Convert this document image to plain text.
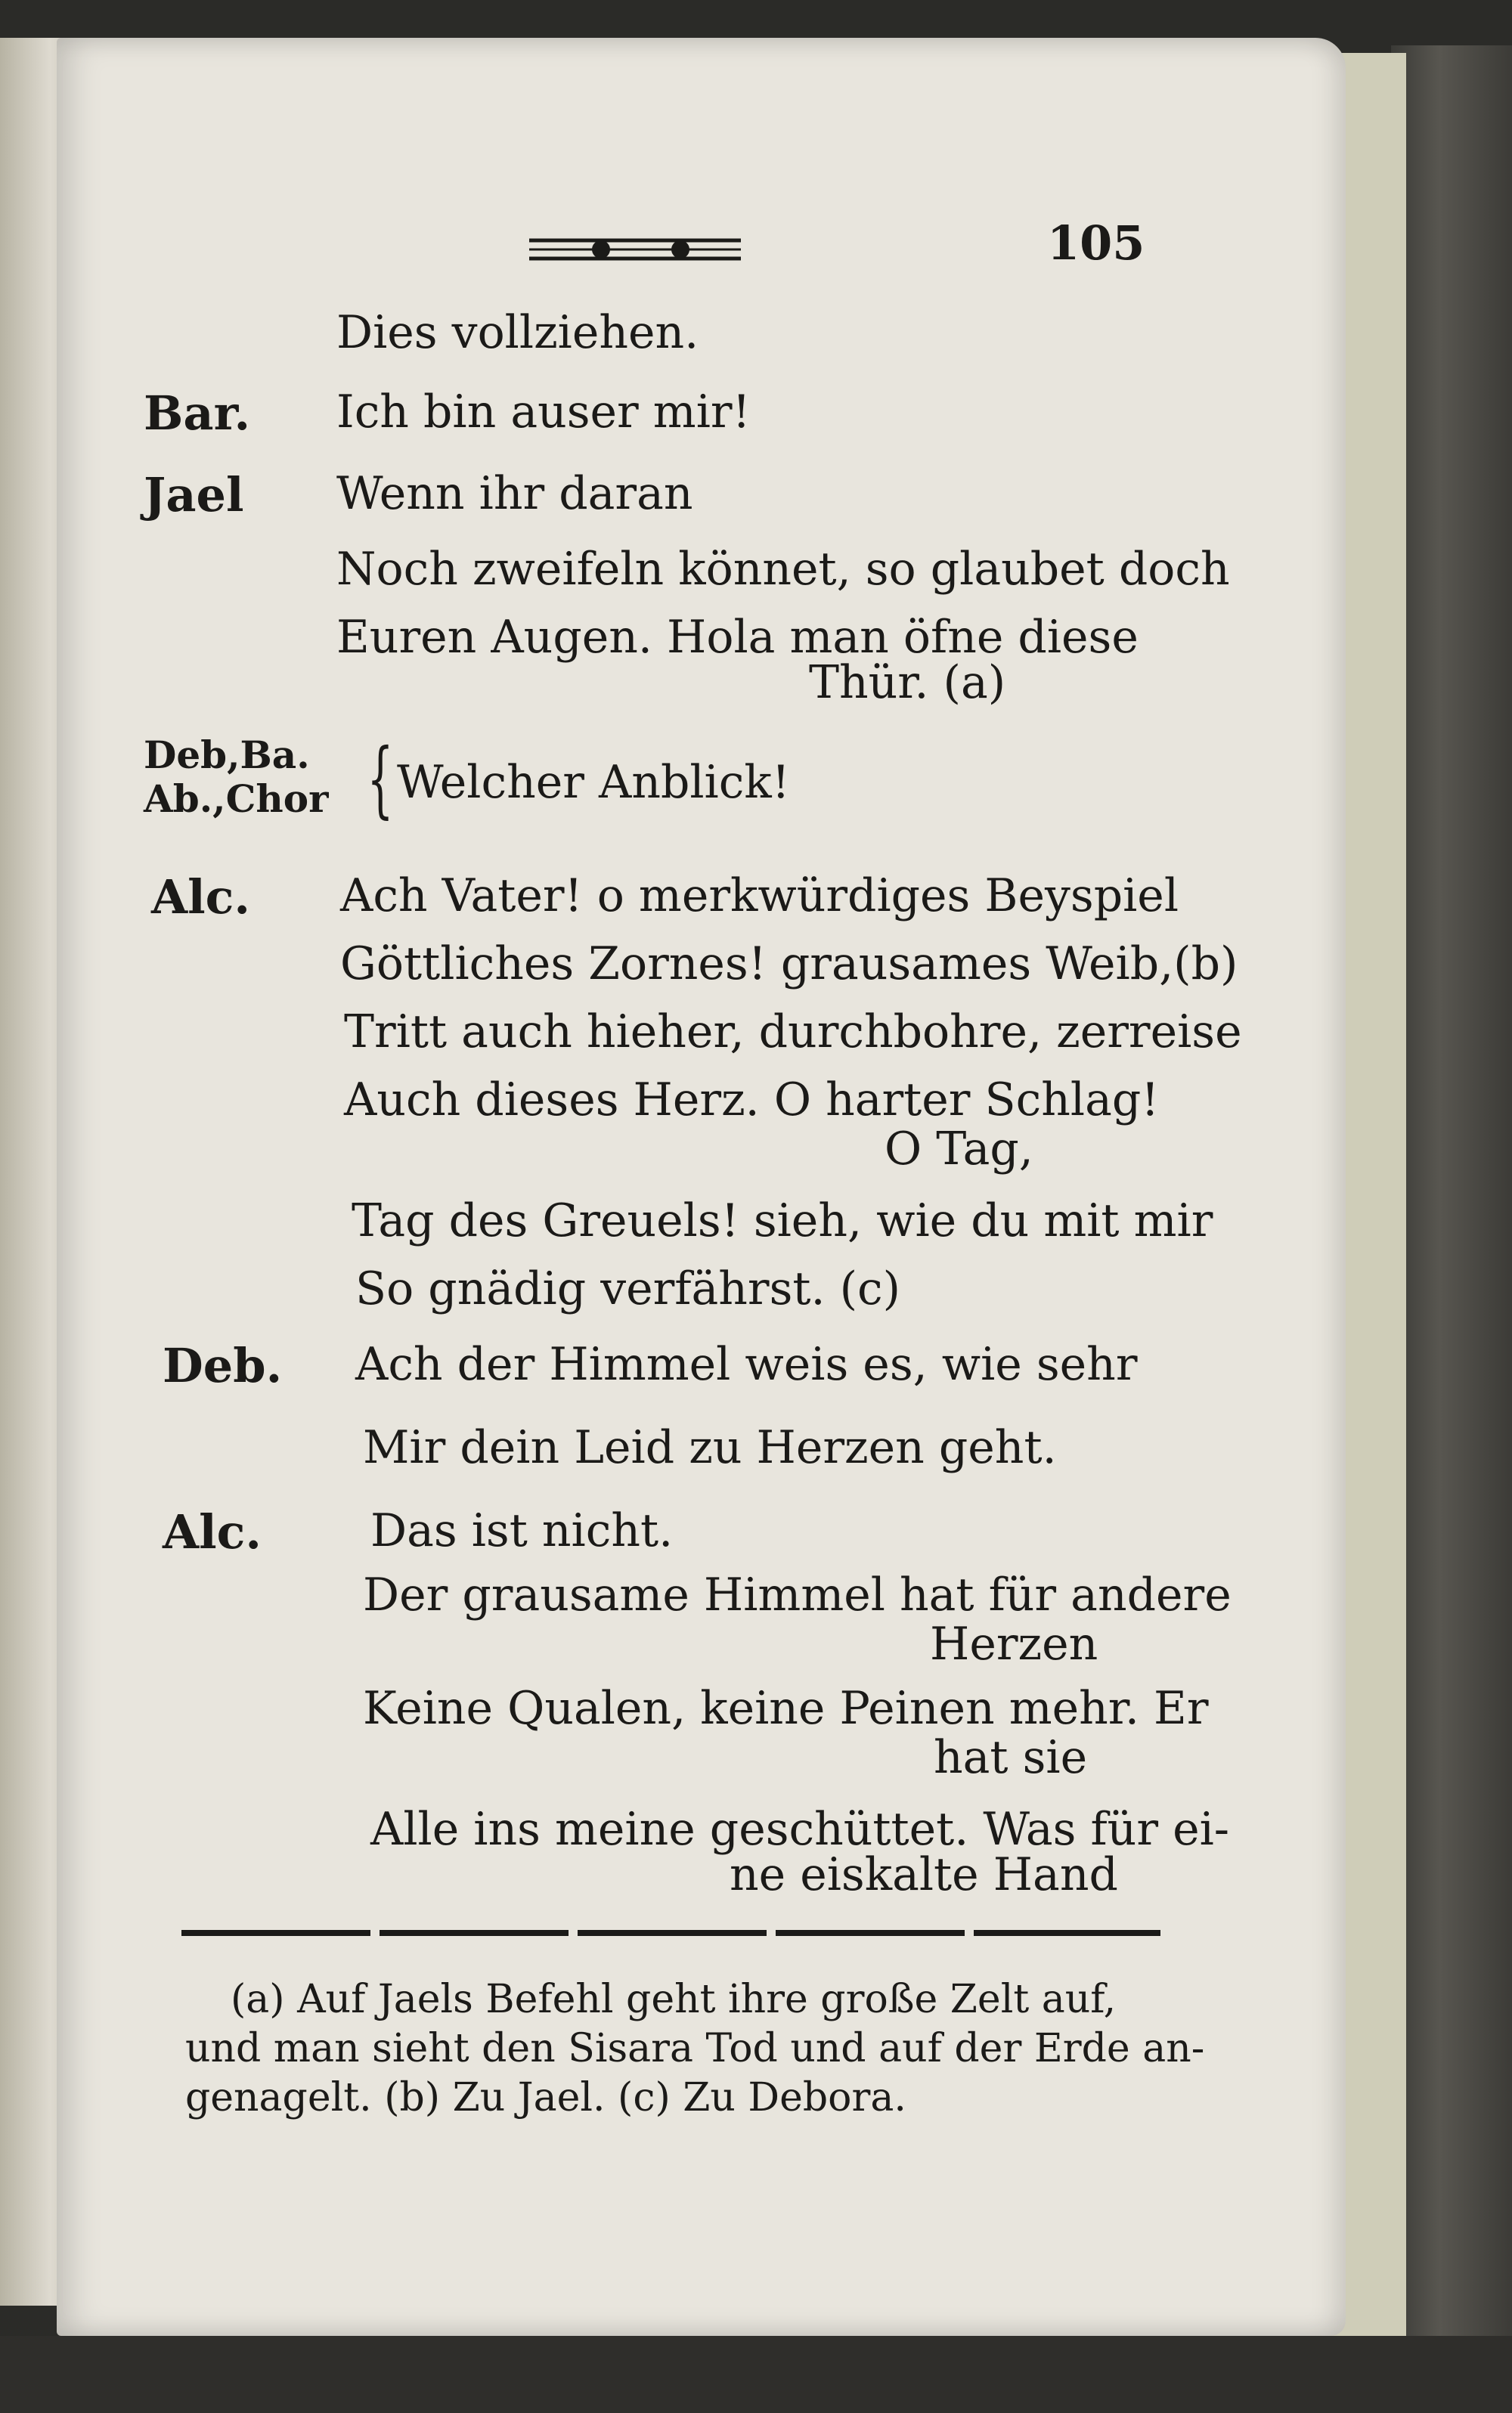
105
Bar.
Jael
Deb,Ba.
Ab.,Chor {
Alc.
Deb.
Alc.
Dies vollziehen.
Ich bin auser mir!
Wenn ihr daran
Noch zweifeln könnet, so glaubet doch
Euren Augen. Hola man öfne diese
Thür. (a)
Welcher Anblick!
Ach Vater! o merkwürdiges Beyspiel
Göttliches Zornes! grausames Weib,(b)
Tritt auch hieher, durchbohre, zerreise
Auch dieses Herz. O harter Schlag!
O Tag,
Tag des Greuels! sieh, wie du mit mir
So gnädig verfährst. (c)
Ach der Himmel weis es, wie sehr
Mir dein Leid zu Herzen geht.
Das ist nicht.
Der grausame Himmel hat für andere
Herzen
Keine Qualen, keine Peinen mehr. Er
hat sie
Alle ins meine geschüttet. Was für ei-
ne eiskalte Hand
(a) Auf Jaels Befehl geht ihre große Zelt auf,
und man sieht den Sisara Tod und auf der Erde an-
genagelt. (b) Zu Jael. (c) Zu Debora.
